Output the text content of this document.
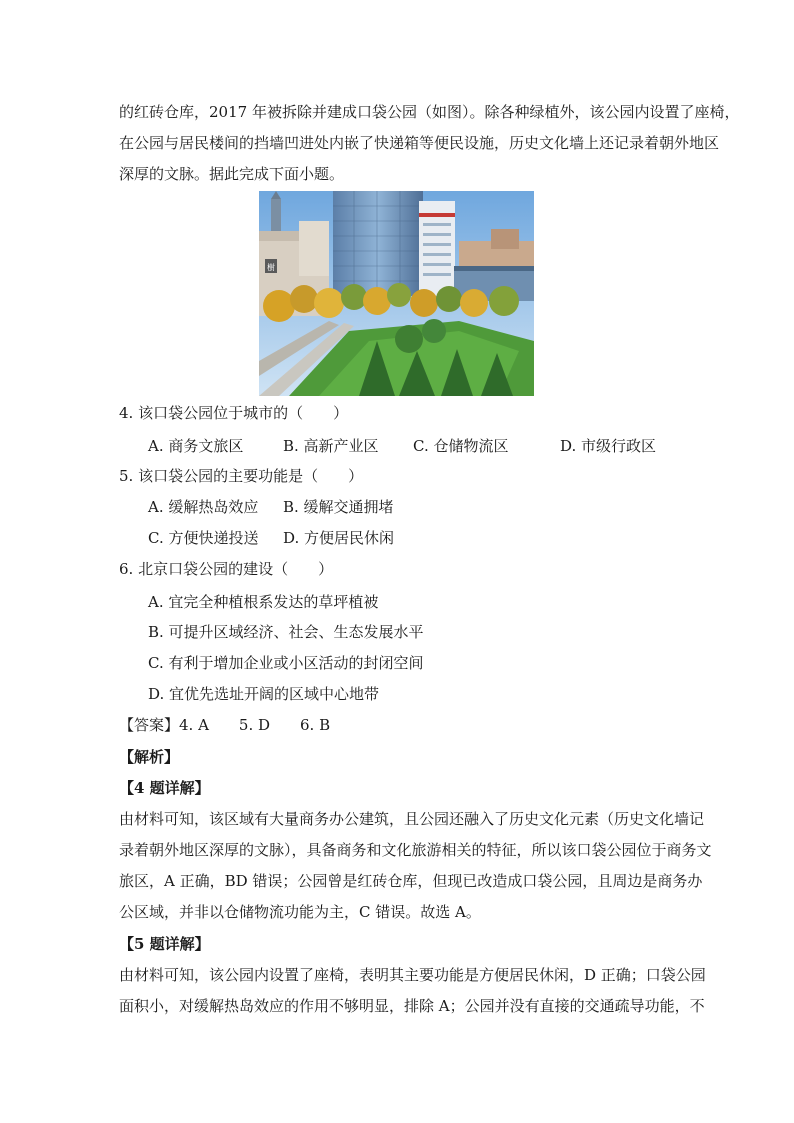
的红砖仓库，2017 年被拆除并建成口袋公园（如图）。除各种绿植外，该公园内设置了座椅，
在公园与居民楼间的挡墙凹进处内嵌了快递箱等便民设施，历史文化墙上还记录着朝外地区
深厚的文脉。据此完成下面小题。
樹
4. 该口袋公园位于城市的（　　）
A. 商务文旅区	B. 高新产业区 C. 仓储物流区	D. 市级行政区
5. 该口袋公园的主要功能是（　　）
A. 缓解热岛效应 B. 缓解交通拥堵
C. 方便快递投送 D. 方便居民休闲
6. 北京口袋公园的建设（　　）
A. 宜完全种植根系发达的草坪植被
B. 可提升区域经济、社会、生态发展水平
C. 有利于增加企业或小区活动的封闭空间
D. 宜优先选址开阔的区域中心地带
【答案】4. A　　5. D　　6. B
【解析】
【4 题详解】
由材料可知，该区域有大量商务办公建筑，且公园还融入了历史文化元素（历史文化墙记
录着朝外地区深厚的文脉），具备商务和文化旅游相关的特征，所以该口袋公园位于商务文
旅区，A 正确，BD 错误；公园曾是红砖仓库，但现已改造成口袋公园，且周边是商务办
公区域，并非以仓储物流功能为主，C 错误。故选 A。
【5 题详解】
由材料可知，该公园内设置了座椅，表明其主要功能是方便居民休闲，D 正确；口袋公园
面积小，对缓解热岛效应的作用不够明显，排除 A；公园并没有直接的交通疏导功能，不
